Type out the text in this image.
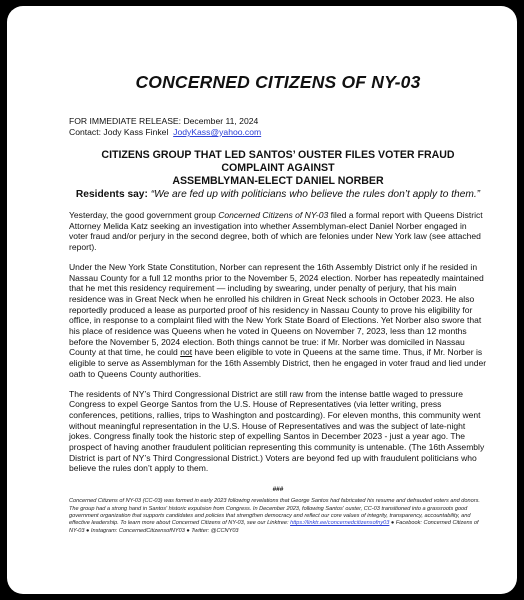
CONCERNED CITIZENS OF NY-03
FOR IMMEDIATE RELEASE: December 11, 2024
Contact: Jody Kass Finkel JodyKass@yahoo.com
CITIZENS GROUP THAT LED SANTOS’ OUSTER FILES VOTER FRAUD COMPLAINT AGAINST
ASSEMBLYMAN-ELECT DANIEL NORBER
Residents say: “We are fed up with politicians who believe the rules don’t apply to them.”

Yesterday, the good government group Concerned Citizens of NY-03 filed a formal report with Queens District Attorney Melida Katz seeking an investigation into whether Assemblyman-elect Daniel Norber engaged in voter fraud and/or perjury in the second degree, both of which are felonies under New York law (see attached report).

Under the New York State Constitution, Norber can represent the 16th Assembly District only if he resided in Nassau County for a full 12 months prior to the November 5, 2024 election. Norber has repeatedly maintained that he met this residency requirement — including by swearing, under penalty of perjury, that his main residence was in Great Neck when he enrolled his children in Great Neck schools in October 2023. He also reportedly produced a lease as purported proof of his residency in Nassau County to prove his eligibility for office, in response to a complaint filed with the New York State Board of Elections. Yet Norber also swore that his place of residence was Queens when he voted in Queens on November 7, 2023, less than 12 months before the November 5, 2024 election. Both things cannot be true: if Mr. Norber was domiciled in Nassau County at that time, he could not have been eligible to vote in Queens at the same time. Thus, if Mr. Norber is eligible to serve as Assemblyman for the 16th Assembly District, then he engaged in voter fraud and lied under oath to Queens County authorities.

The residents of NY’s Third Congressional District are still raw from the intense battle waged to pressure Congress to expel George Santos from the U.S. House of Representatives (via letter writing, press conferences, petitions, rallies, trips to Washington and postcarding). For eleven months, this community went without meaningful representation in the U.S. House of Representatives and was the subject of late-night jokes. Congress finally took the historic step of expelling Santos in December 2023 - just a year ago. The prospect of having another fraudulent politician representing this community is untenable. (The 16th Assembly District is part of NY’s Third Congressional District.) Voters are beyond fed up with fraudulent politicians who believe the rules don’t apply to them.

###
Concerned Citizens of NY-03 (CC-03) was formed in early 2023 following revelations that George Santos had fabricated his resume and defrauded voters and donors. The group had a strong hand in Santos' historic expulsion from Congress. In December 2023, following Santos' ouster, CC-03 transitioned into a grassroots good government organization that supports candidates and policies that strengthen democracy and reflect our core values of integrity, transparency, accountability, and effective leadership. To learn more about Concerned Citizens of NY-03, see our Linktree: https://linktr.ee/concernedcitizensofny03 ● Facebook: Concerned Citizens of NY-03 ● Instagram: ConcernedCitizensofNY03 ● Twitter: @CCNY03
